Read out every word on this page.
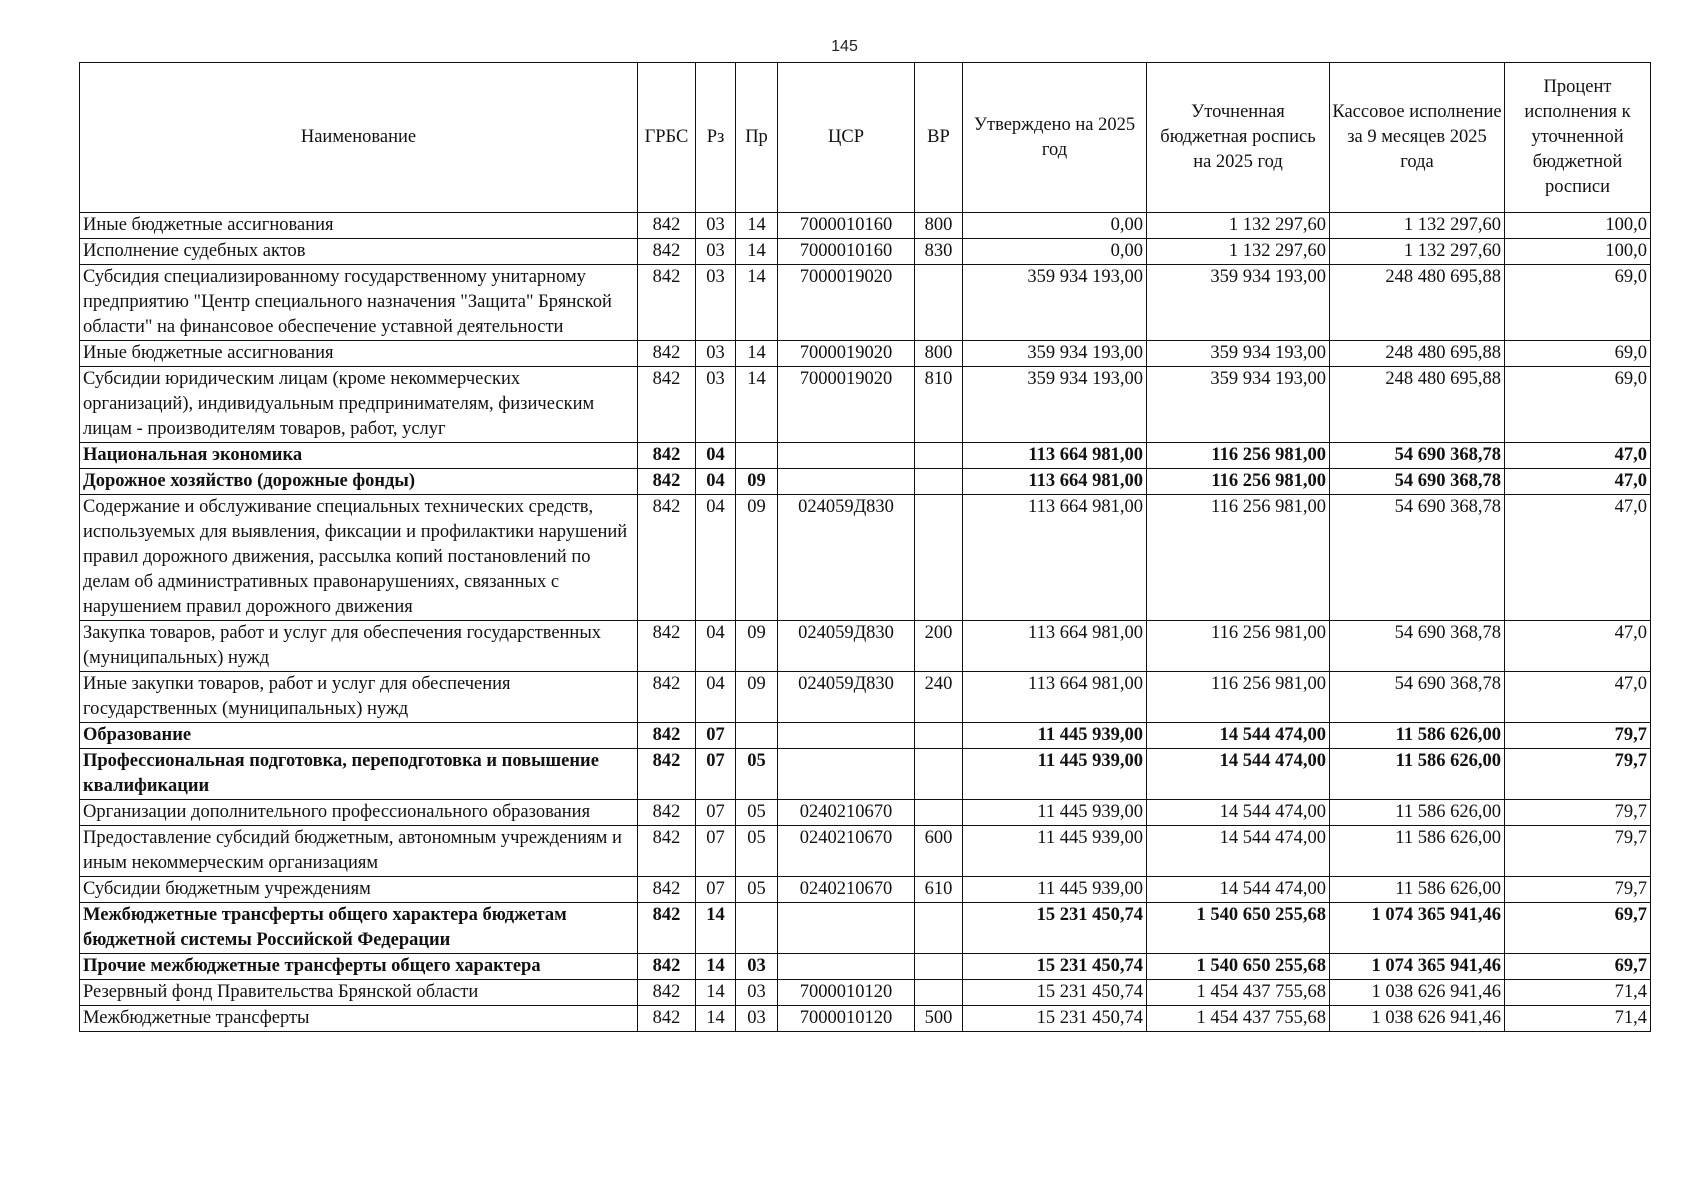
145
Наименование	ГРБС	Рз	Пр	ЦСР	ВР	Утверждено на 2025 год	Уточненная бюджетная роспись на 2025 год	Кассовое исполнение за 9 месяцев 2025 года	Процент исполнения к уточненной бюджетной росписи
Иные бюджетные ассигнования	842	03	14	7000010160	800	0,00	1 132 297,60	1 132 297,60	100,0
Исполнение судебных актов	842	03	14	7000010160	830	0,00	1 132 297,60	1 132 297,60	100,0
Субсидия специализированному государственному унитарному предприятию "Центр специального назначения "Защита" Брянской области" на финансовое обеспечение уставной деятельности	842	03	14	7000019020		359 934 193,00	359 934 193,00	248 480 695,88	69,0
Иные бюджетные ассигнования	842	03	14	7000019020	800	359 934 193,00	359 934 193,00	248 480 695,88	69,0
Субсидии юридическим лицам (кроме некоммерческих организаций), индивидуальным предпринимателям, физическим лицам - производителям товаров, работ, услуг	842	03	14	7000019020	810	359 934 193,00	359 934 193,00	248 480 695,88	69,0
Национальная экономика	842	04				113 664 981,00	116 256 981,00	54 690 368,78	47,0
Дорожное хозяйство (дорожные фонды)	842	04	09			113 664 981,00	116 256 981,00	54 690 368,78	47,0
Содержание и обслуживание специальных технических средств, используемых для выявления, фиксации и профилактики нарушений правил дорожного движения, рассылка копий постановлений по делам об административных правонарушениях, связанных с нарушением правил дорожного движения	842	04	09	024059Д830		113 664 981,00	116 256 981,00	54 690 368,78	47,0
Закупка товаров, работ и услуг для обеспечения государственных (муниципальных) нужд	842	04	09	024059Д830	200	113 664 981,00	116 256 981,00	54 690 368,78	47,0
Иные закупки товаров, работ и услуг для обеспечения государственных (муниципальных) нужд	842	04	09	024059Д830	240	113 664 981,00	116 256 981,00	54 690 368,78	47,0
Образование	842	07				11 445 939,00	14 544 474,00	11 586 626,00	79,7
Профессиональная подготовка, переподготовка и повышение квалификации	842	07	05			11 445 939,00	14 544 474,00	11 586 626,00	79,7
Организации дополнительного профессионального образования	842	07	05	0240210670		11 445 939,00	14 544 474,00	11 586 626,00	79,7
Предоставление субсидий бюджетным, автономным учреждениям и иным некоммерческим организациям	842	07	05	0240210670	600	11 445 939,00	14 544 474,00	11 586 626,00	79,7
Субсидии бюджетным учреждениям	842	07	05	0240210670	610	11 445 939,00	14 544 474,00	11 586 626,00	79,7
Межбюджетные трансферты общего характера бюджетам бюджетной системы Российской Федерации	842	14				15 231 450,74	1 540 650 255,68	1 074 365 941,46	69,7
Прочие межбюджетные трансферты общего характера	842	14	03			15 231 450,74	1 540 650 255,68	1 074 365 941,46	69,7
Резервный фонд Правительства Брянской области	842	14	03	7000010120		15 231 450,74	1 454 437 755,68	1 038 626 941,46	71,4
Межбюджетные трансферты	842	14	03	7000010120	500	15 231 450,74	1 454 437 755,68	1 038 626 941,46	71,4
